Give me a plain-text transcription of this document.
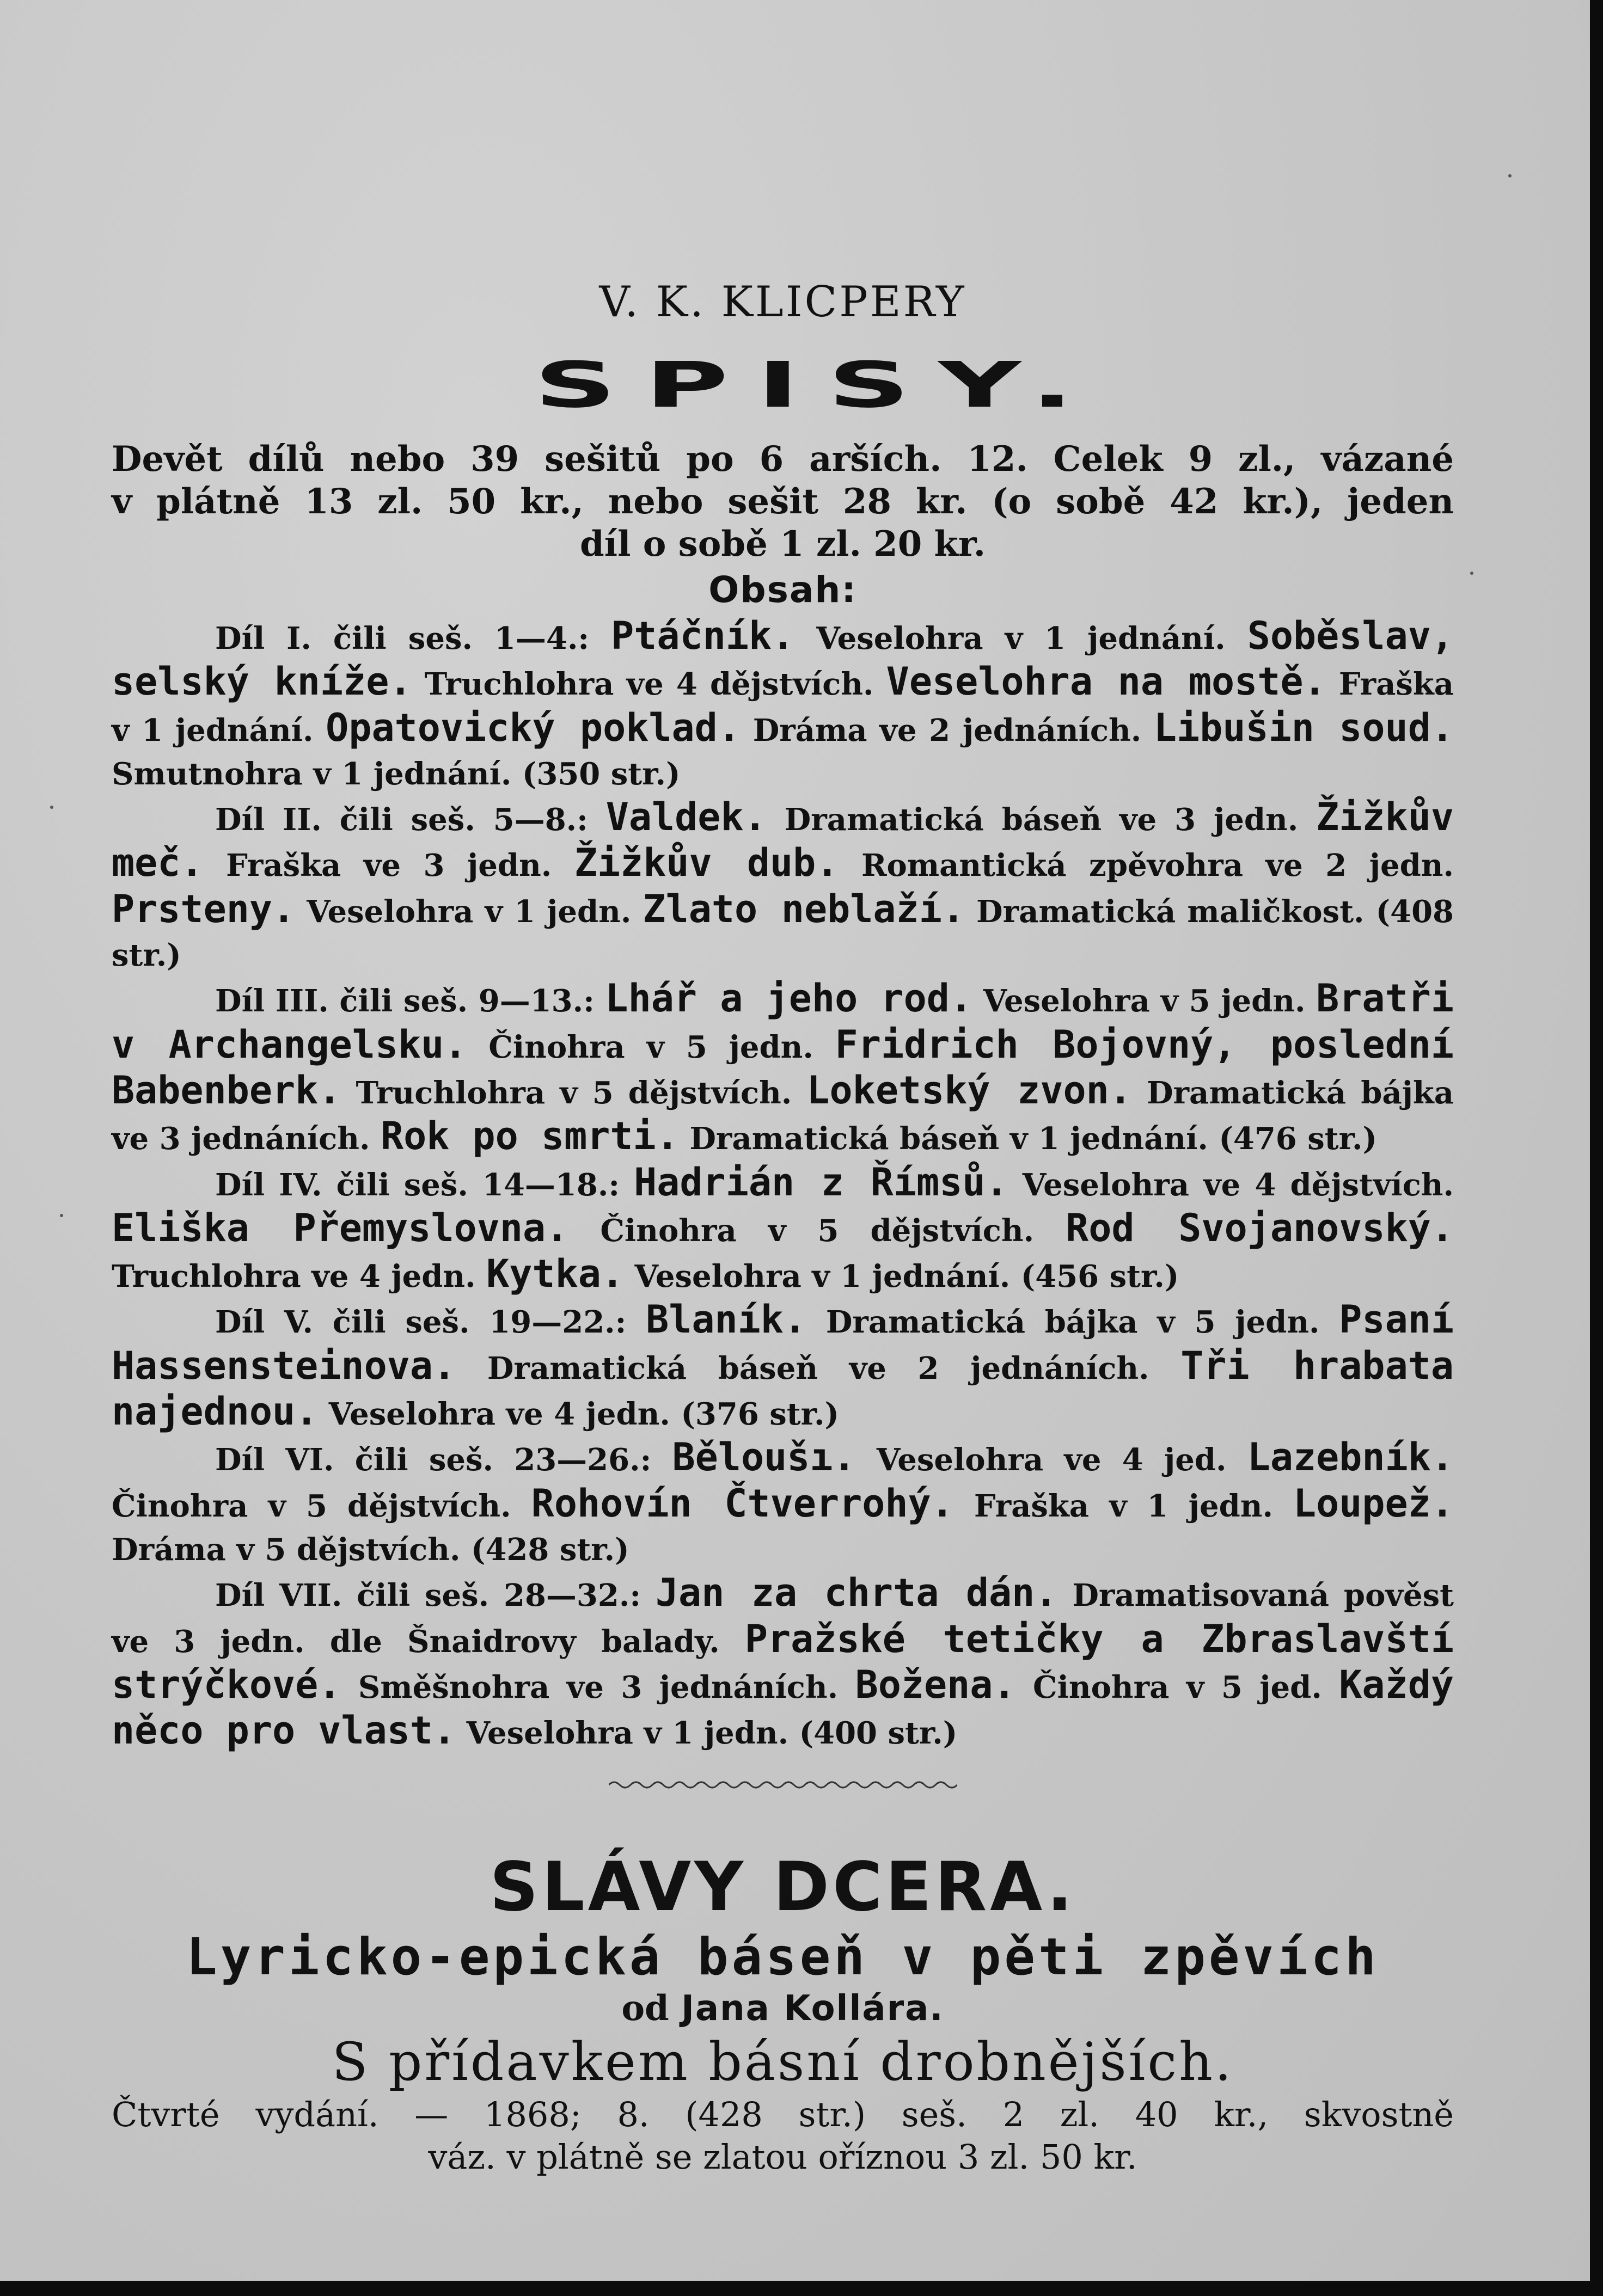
V. K. KLICPERY
SPISY.
Devět dílů nebo 39 sešitů po 6 arších. 12. Celek 9 zl., vázané
v plátně 13 zl. 50 kr., nebo sešit 28 kr. (o sobě 42 kr.), jeden
díl o sobě 1 zl. 20 kr.
Obsah:
Díl I. čili seš. 1—4.: Ptáčník. Veselohra v 1 jednání. Soběslav, selský kníže. Truchlohra ve 4 dějstvích. Veselohra na mostě. Fraška v 1 jednání. Opatovický poklad. Dráma ve 2 jednáních. Libušin soud. Smutnohra v 1 jednání. (350 str.)
Díl II. čili seš. 5—8.: Valdek. Dramatická báseň ve 3 jedn. Žižkův meč. Fraška ve 3 jedn. Žižkův dub. Romantická zpěvohra ve 2 jedn. Prsteny. Veselohra v 1 jedn. Zlato neblaží. Dramatická maličkost. (408 str.)
Díl III. čili seš. 9—13.: Lhář a jeho rod. Veselohra v 5 jedn. Bratři v Archangelsku. Činohra v 5 jedn. Fridrich Bojovný, poslední Babenberk. Truchlohra v 5 dějstvích. Loketský zvon. Dramatická bájka ve 3 jednáních. Rok po smrti. Dramatická báseň v 1 jednání. (476 str.)
Díl IV. čili seš. 14—18.: Hadrián z Římsů. Veselohra ve 4 dějstvích. Eliška Přemyslovna. Činohra v 5 dějstvích. Rod Svojanovský. Truchlohra ve 4 jedn. Kytka. Veselohra v 1 jednání. (456 str.)
Díl V. čili seš. 19—22.: Blaník. Dramatická bájka v 5 jedn. Psaní Hassensteinova. Dramatická báseň ve 2 jednáních. Tři hrabata najednou. Veselohra ve 4 jedn. (376 str.)
Díl VI. čili seš. 23—26.: Běloušı. Veselohra ve 4 jed. Lazebník. Činohra v 5 dějstvích. Rohovín Čtverrohý. Fraška v 1 jedn. Loupež. Dráma v 5 dějstvích. (428 str.)
Díl VII. čili seš. 28—32.: Jan za chrta dán. Dramatisovaná pověst ve 3 jedn. dle Šnaidrovy balady. Pražské tetičky a Zbraslavští strýčkové. Směšnohra ve 3 jednáních. Božena. Činohra v 5 jed. Každý něco pro vlast. Veselohra v 1 jedn. (400 str.)
SLÁVY DCERA.
Lyricko-epická báseň v pěti zpěvích
od Jana Kollára.
S přídavkem básní drobnějších.
Čtvrté vydání. — 1868; 8. (428 str.) seš. 2 zl. 40 kr., skvostně
váz. v plátně se zlatou oříznou 3 zl. 50 kr.
